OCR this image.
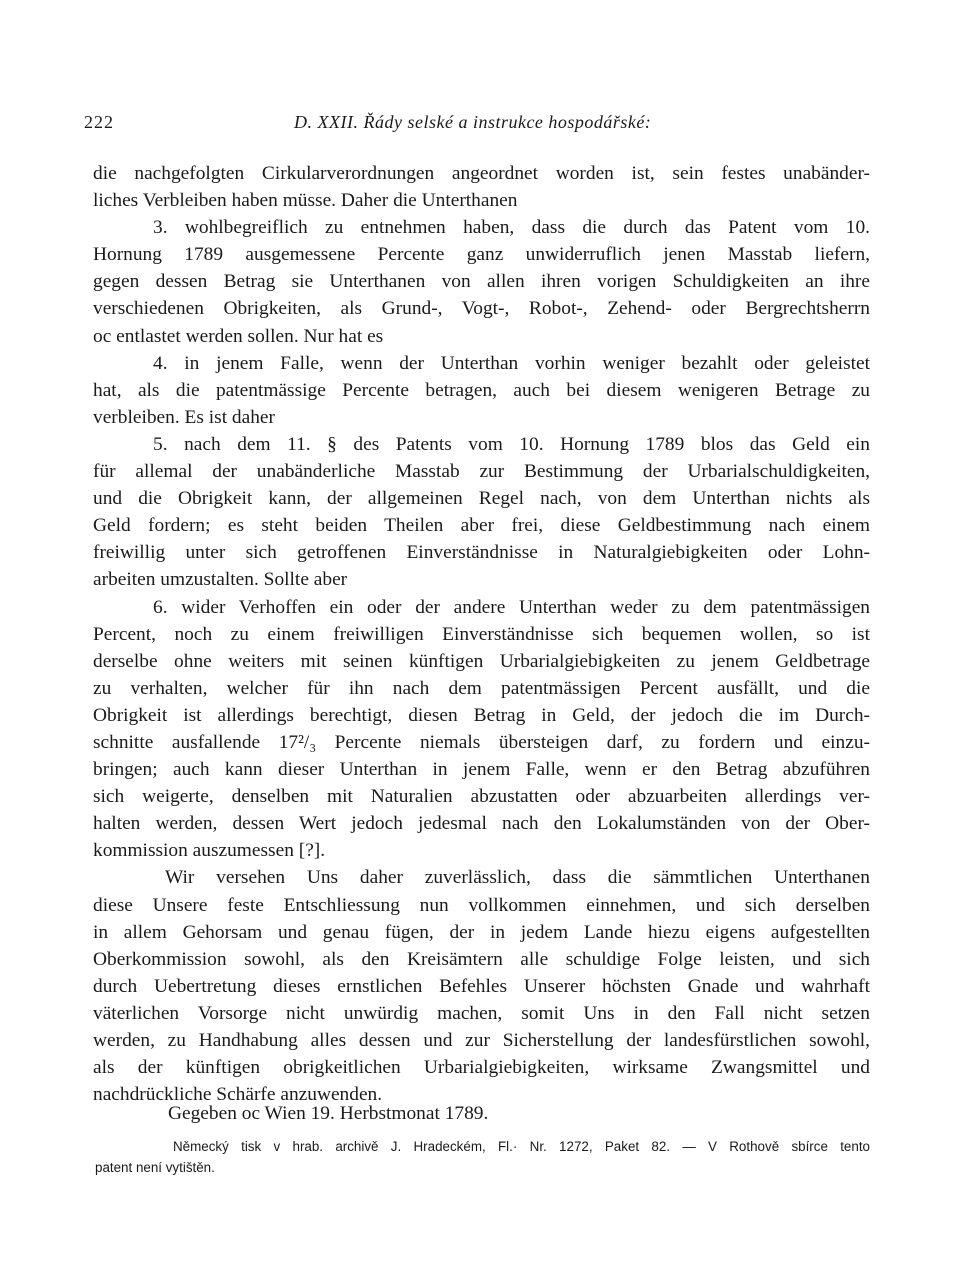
222	D. XXII. Řády selské a instrukce hospodářské:
die nachgefolgten Cirkularverordnungen angeordnet worden ist, sein festes unabänder-
liches Verbleiben haben müsse. Daher die Unterthanen
3. wohlbegreiflich zu entnehmen haben, dass die durch das Patent vom 10.
Hornung 1789 ausgemessene Percente ganz unwiderruflich jenen Masstab liefern,
gegen dessen Betrag sie Unterthanen von allen ihren vorigen Schuldigkeiten an ihre
verschiedenen Obrigkeiten, als Grund-, Vogt-, Robot-, Zehend- oder Bergrechtsherrn
oc entlastet werden sollen. Nur hat es
4. in jenem Falle, wenn der Unterthan vorhin weniger bezahlt oder geleistet
hat, als die patentmässige Percente betragen, auch bei diesem wenigeren Betrage zu
verbleiben. Es ist daher
5. nach dem 11. § des Patents vom 10. Hornung 1789 blos das Geld ein
für allemal der unabänderliche Masstab zur Bestimmung der Urbarialschuldigkeiten,
und die Obrigkeit kann, der allgemeinen Regel nach, von dem Unterthan nichts als
Geld fordern; es steht beiden Theilen aber frei, diese Geldbestimmung nach einem
freiwillig unter sich getroffenen Einverständnisse in Naturalgiebigkeiten oder Lohn-
arbeiten umzustalten. Sollte aber
6. wider Verhoffen ein oder der andere Unterthan weder zu dem patentmässigen
Percent, noch zu einem freiwilligen Einverständnisse sich bequemen wollen, so ist
derselbe ohne weiters mit seinen künftigen Urbarialgiebigkeiten zu jenem Geldbetrage
zu verhalten, welcher für ihn nach dem patentmässigen Percent ausfällt, und die
Obrigkeit ist allerdings berechtigt, diesen Betrag in Geld, der jedoch die im Durch-
schnitte ausfallende 17²/₃ Percente niemals übersteigen darf, zu fordern und einzu-
bringen; auch kann dieser Unterthan in jenem Falle, wenn er den Betrag abzuführen
sich weigerte, denselben mit Naturalien abzustatten oder abzuarbeiten allerdings ver-
halten werden, dessen Wert jedoch jedesmal nach den Lokalumständen von der Ober-
kommission auszumessen [?].
Wir versehen Uns daher zuverlässlich, dass die sämmtlichen Unterthanen
diese Unsere feste Entschliessung nun vollkommen einnehmen, und sich derselben
in allem Gehorsam und genau fügen, der in jedem Lande hiezu eigens aufgestellten
Oberkommission sowohl, als den Kreisämtern alle schuldige Folge leisten, und sich
durch Uebertretung dieses ernstlichen Befehles Unserer höchsten Gnade und wahrhaft
väterlichen Vorsorge nicht unwürdig machen, somit Uns in den Fall nicht setzen
werden, zu Handhabung alles dessen und zur Sicherstellung der landesfürstlichen sowohl,
als der künftigen obrigkeitlichen Urbarialgiebigkeiten, wirksame Zwangsmittel und
nachdrückliche Schärfe anzuwenden.
Gegeben oc Wien 19. Herbstmonat 1789.
Německý tisk v hrab. archivě J. Hradeckém, Fl.· Nr. 1272, Paket 82. — V Rothově sbírce tento
patent není vytištěn.
